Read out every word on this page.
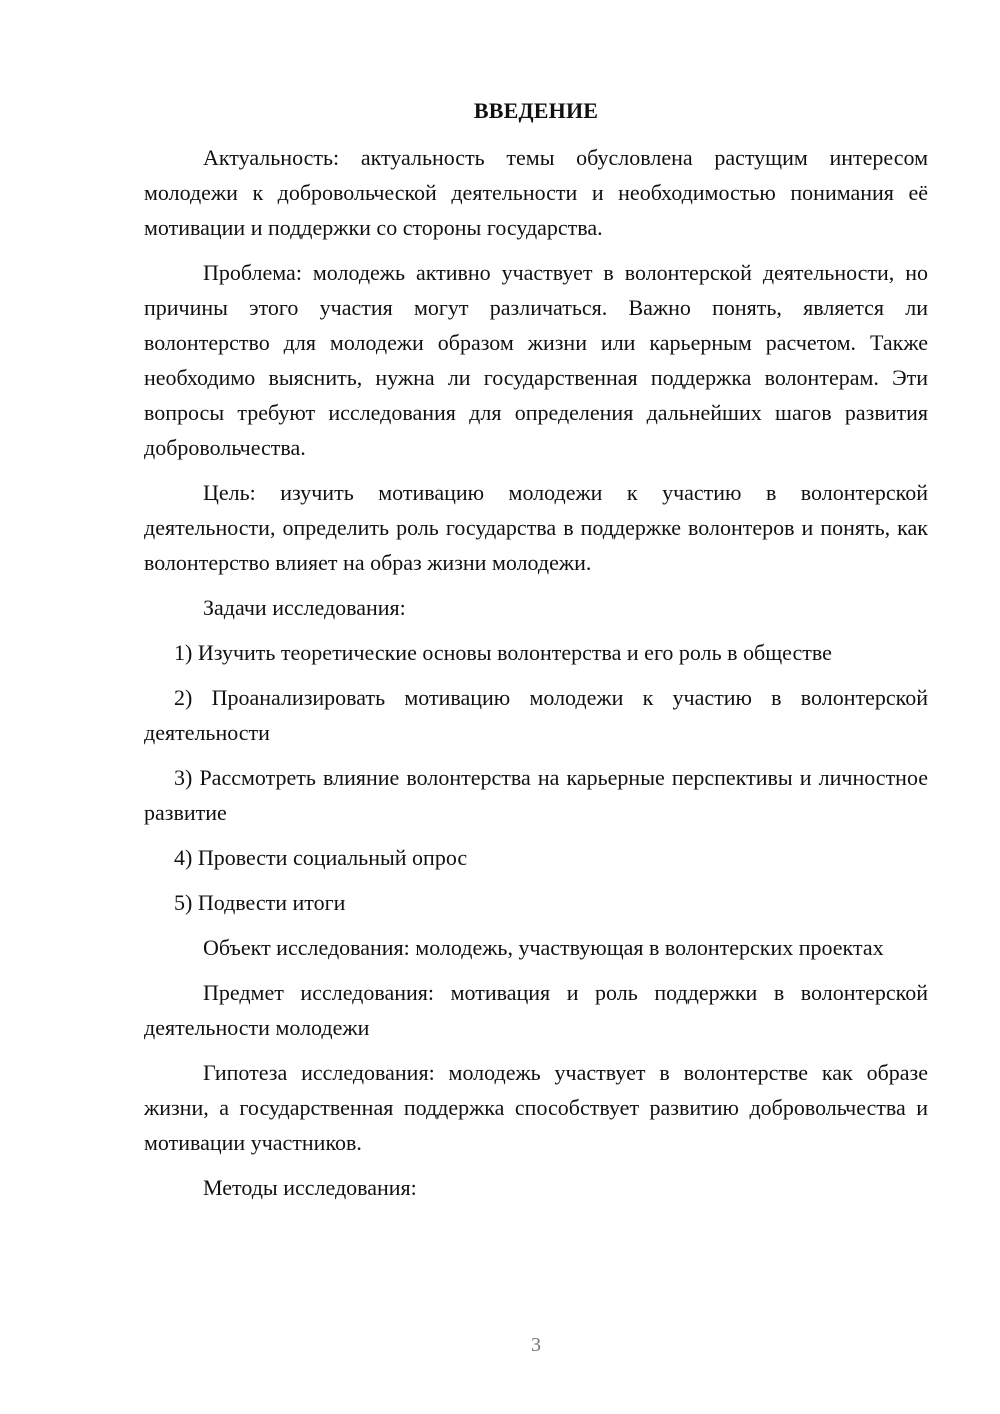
ВВЕДЕНИЕ

Актуальность: актуальность темы обусловлена растущим интересом молодежи к добровольческой деятельности и необходимостью понимания её мотивации и поддержки со стороны государства.

Проблема: молодежь активно участвует в волонтерской деятельности, но причины этого участия могут различаться. Важно понять, является ли волонтерство для молодежи образом жизни или карьерным расчетом. Также необходимо выяснить, нужна ли государственная поддержка волонтерам. Эти вопросы требуют исследования для определения дальнейших шагов развития добровольчества.

Цель: изучить мотивацию молодежи к участию в волонтерской деятельности, определить роль государства в поддержке волонтеров и понять, как волонтерство влияет на образ жизни молодежи.

Задачи исследования:

1) Изучить теоретические основы волонтерства и его роль в обществе

2) Проанализировать мотивацию молодежи к участию в волонтерской деятельности

3) Рассмотреть влияние волонтерства на карьерные перспективы и личностное развитие

4) Провести социальный опрос

5) Подвести итоги

Объект исследования: молодежь, участвующая в волонтерских проектах

Предмет исследования: мотивация и роль поддержки в волонтерской деятельности молодежи

Гипотеза исследования: молодежь участвует в волонтерстве как образе жизни, а государственная поддержка способствует развитию добровольчества и мотивации участников.

Методы исследования:

3
